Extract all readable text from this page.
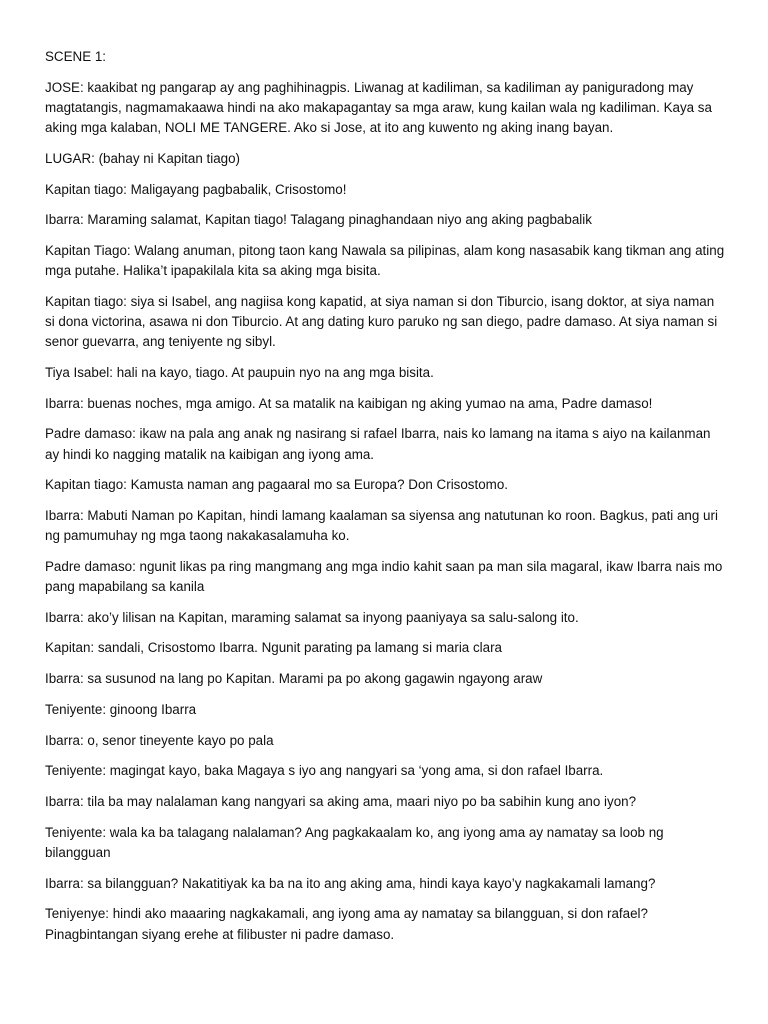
SCENE 1:

JOSE: kaakibat ng pangarap ay ang paghihinagpis. Liwanag at kadiliman, sa kadiliman ay paniguradong may magtatangis, nagmamakaawa hindi na ako makapagantay sa mga araw, kung kailan wala ng kadiliman. Kaya sa aking mga kalaban, NOLI ME TANGERE. Ako si Jose, at ito ang kuwento ng aking inang bayan.

LUGAR: (bahay ni Kapitan tiago)

Kapitan tiago: Maligayang pagbabalik, Crisostomo!

Ibarra: Maraming salamat, Kapitan tiago! Talagang pinaghandaan niyo ang aking pagbabalik

Kapitan Tiago: Walang anuman, pitong taon kang Nawala sa pilipinas, alam kong nasasabik kang tikman ang ating mga putahe. Halika’t ipapakilala kita sa aking mga bisita.

Kapitan tiago: siya si Isabel, ang nagiisa kong kapatid, at siya naman si don Tiburcio, isang doktor, at siya naman si dona victorina, asawa ni don Tiburcio. At ang dating kuro paruko ng san diego, padre damaso. At siya naman si senor guevarra, ang teniyente ng sibyl.

Tiya Isabel: hali na kayo, tiago. At paupuin nyo na ang mga bisita.

Ibarra: buenas noches, mga amigo. At sa matalik na kaibigan ng aking yumao na ama, Padre damaso!

Padre damaso: ikaw na pala ang anak ng nasirang si rafael Ibarra, nais ko lamang na itama s aiyo na kailanman ay hindi ko nagging matalik na kaibigan ang iyong ama.

Kapitan tiago: Kamusta naman ang pagaaral mo sa Europa? Don Crisostomo.

Ibarra: Mabuti Naman po Kapitan, hindi lamang kaalaman sa siyensa ang natutunan ko roon. Bagkus, pati ang uri ng pamumuhay ng mga taong nakakasalamuha ko.

Padre damaso: ngunit likas pa ring mangmang ang mga indio kahit saan pa man sila magaral, ikaw Ibarra nais mo pang mapabilang sa kanila

Ibarra: ako’y lilisan na Kapitan, maraming salamat sa inyong paaniyaya sa salu-salong ito.

Kapitan: sandali, Crisostomo Ibarra. Ngunit parating pa lamang si maria clara

Ibarra: sa susunod na lang po Kapitan. Marami pa po akong gagawin ngayong araw

Teniyente: ginoong Ibarra

Ibarra: o, senor tineyente kayo po pala

Teniyente: magingat kayo, baka Magaya s iyo ang nangyari sa ‘yong ama, si don rafael Ibarra.

Ibarra: tila ba may nalalaman kang nangyari sa aking ama, maari niyo po ba sabihin kung ano iyon?

Teniyente: wala ka ba talagang nalalaman? Ang pagkakaalam ko, ang iyong ama ay namatay sa loob ng bilangguan

Ibarra: sa bilangguan? Nakatitiyak ka ba na ito ang aking ama, hindi kaya kayo’y nagkakamali lamang?

Teniyenye: hindi ako maaaring nagkakamali, ang iyong ama ay namatay sa bilangguan, si don rafael? Pinagbintangan siyang erehe at filibuster ni padre damaso.
